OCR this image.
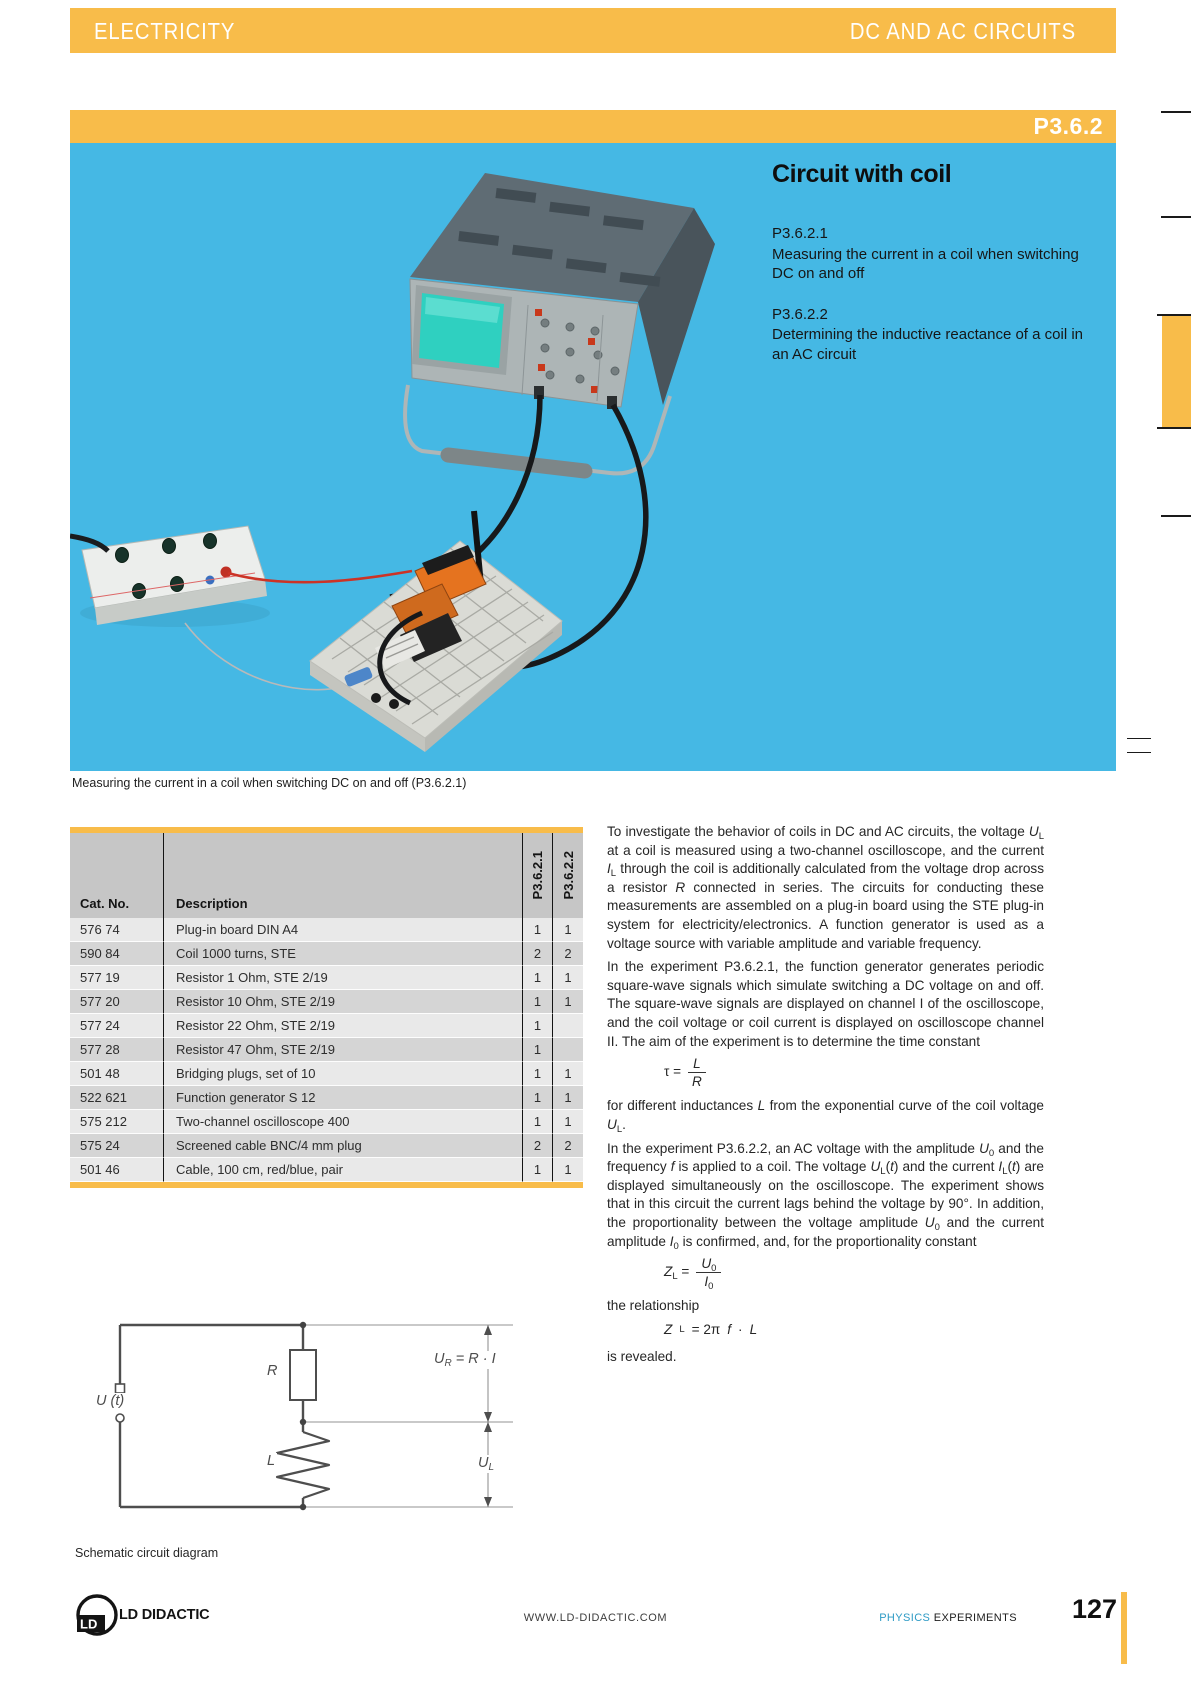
ELECTRICITY	DC AND AC CIRCUITS
P3.6.2
Circuit with coil
P3.6.2.1
Measuring the current in a coil when switching DC on and off
P3.6.2.2
Determining the inductive reactance of a coil in an AC circuit
Measuring the current in a coil when switching DC on and off (P3.6.2.1)
Cat. No.	Description
P3.6.2.1 P3.6.2.2
576 74	Plug-in board DIN A4	1	1
590 84	Coil 1000 turns, STE	2	2
577 19	Resistor 1 Ohm, STE 2/19	1	1
577 20	Resistor 10 Ohm, STE 2/19	1	1
577 24	Resistor 22 Ohm, STE 2/19	1
577 28	Resistor 47 Ohm, STE 2/19	1
501 48	Bridging plugs, set of 10	1	1
522 621	Function generator S 12	1	1
575 212	Two-channel oscilloscope 400	1	1
575 24	Screened cable BNC/4 mm plug	2	2
501 46	Cable, 100 cm, red/blue, pair	1	1

To investigate the behavior of coils in DC and AC circuits, the voltage $U_L$ at a coil is measured using a two-channel oscilloscope, and the current $I_L$ through the coil is additionally calculated from the voltage drop across a resistor R connected in series. The circuits for conducting these measurements are assembled on a plug-in board using the STE plug-in system for electricity/electronics. A function generator is used as a voltage source with variable amplitude and variable frequency.

In the experiment P3.6.2.1, the function generator generates periodic square-wave signals which simulate switching a DC voltage on and off. The square-wave signals are displayed on channel I of the oscilloscope, and the coil voltage or coil current is displayed on oscilloscope channel II. The aim of the experiment is to determine the time constant

$\tau = \frac{L}{R}$

for different inductances L from the exponential curve of the coil voltage $U_L$.

In the experiment P3.6.2.2, an AC voltage with the amplitude $U_0$ and the frequency f is applied to a coil. The voltage $U_L(t)$ and the current $I_L(t)$ are displayed simultaneously on the oscilloscope. The experiment shows that in this circuit the current lags behind the voltage by 90°. In addition, the proportionality between the voltage amplitude $U_0$ and the current amplitude $I_0$ is confirmed, and, for the proportionality constant

$Z_L = \frac{U_0}{I_0}$

the relationship

Z L = 2π f · L

is revealed.

U (t)
R
L
$U_R = R \cdot I$
$U_L$
Schematic circuit diagram
LD
LD DIDACTIC	WWW.LD-DIDACTIC.COM	PHYSICS EXPERIMENTS 127
